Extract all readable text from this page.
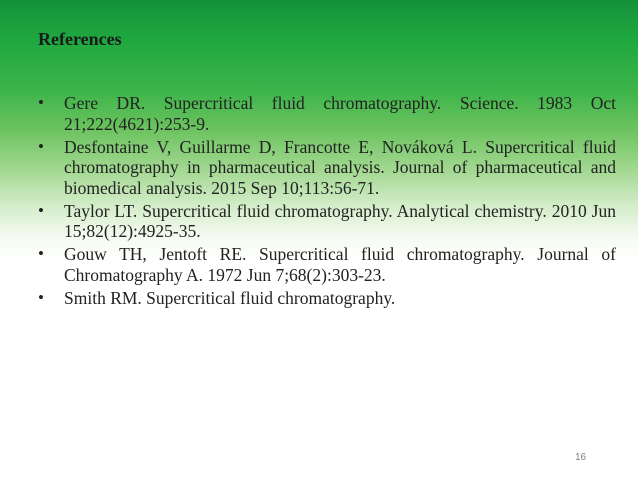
References
• Gere DR. Supercritical fluid chromatography. Science. 1983 Oct 21;222(4621):253-9.
• Desfontaine V, Guillarme D, Francotte E, Nováková L. Supercritical fluid chromatography in pharmaceutical analysis. Journal of pharmaceutical and biomedical analysis. 2015 Sep 10;113:56-71.
• Taylor LT. Supercritical fluid chromatography. Analytical chemistry. 2010 Jun 15;82(12):4925-35.
• Gouw TH, Jentoft RE. Supercritical fluid chromatography. Journal of Chromatography A. 1972 Jun 7;68(2):303-23.
• Smith RM. Supercritical fluid chromatography.
16
